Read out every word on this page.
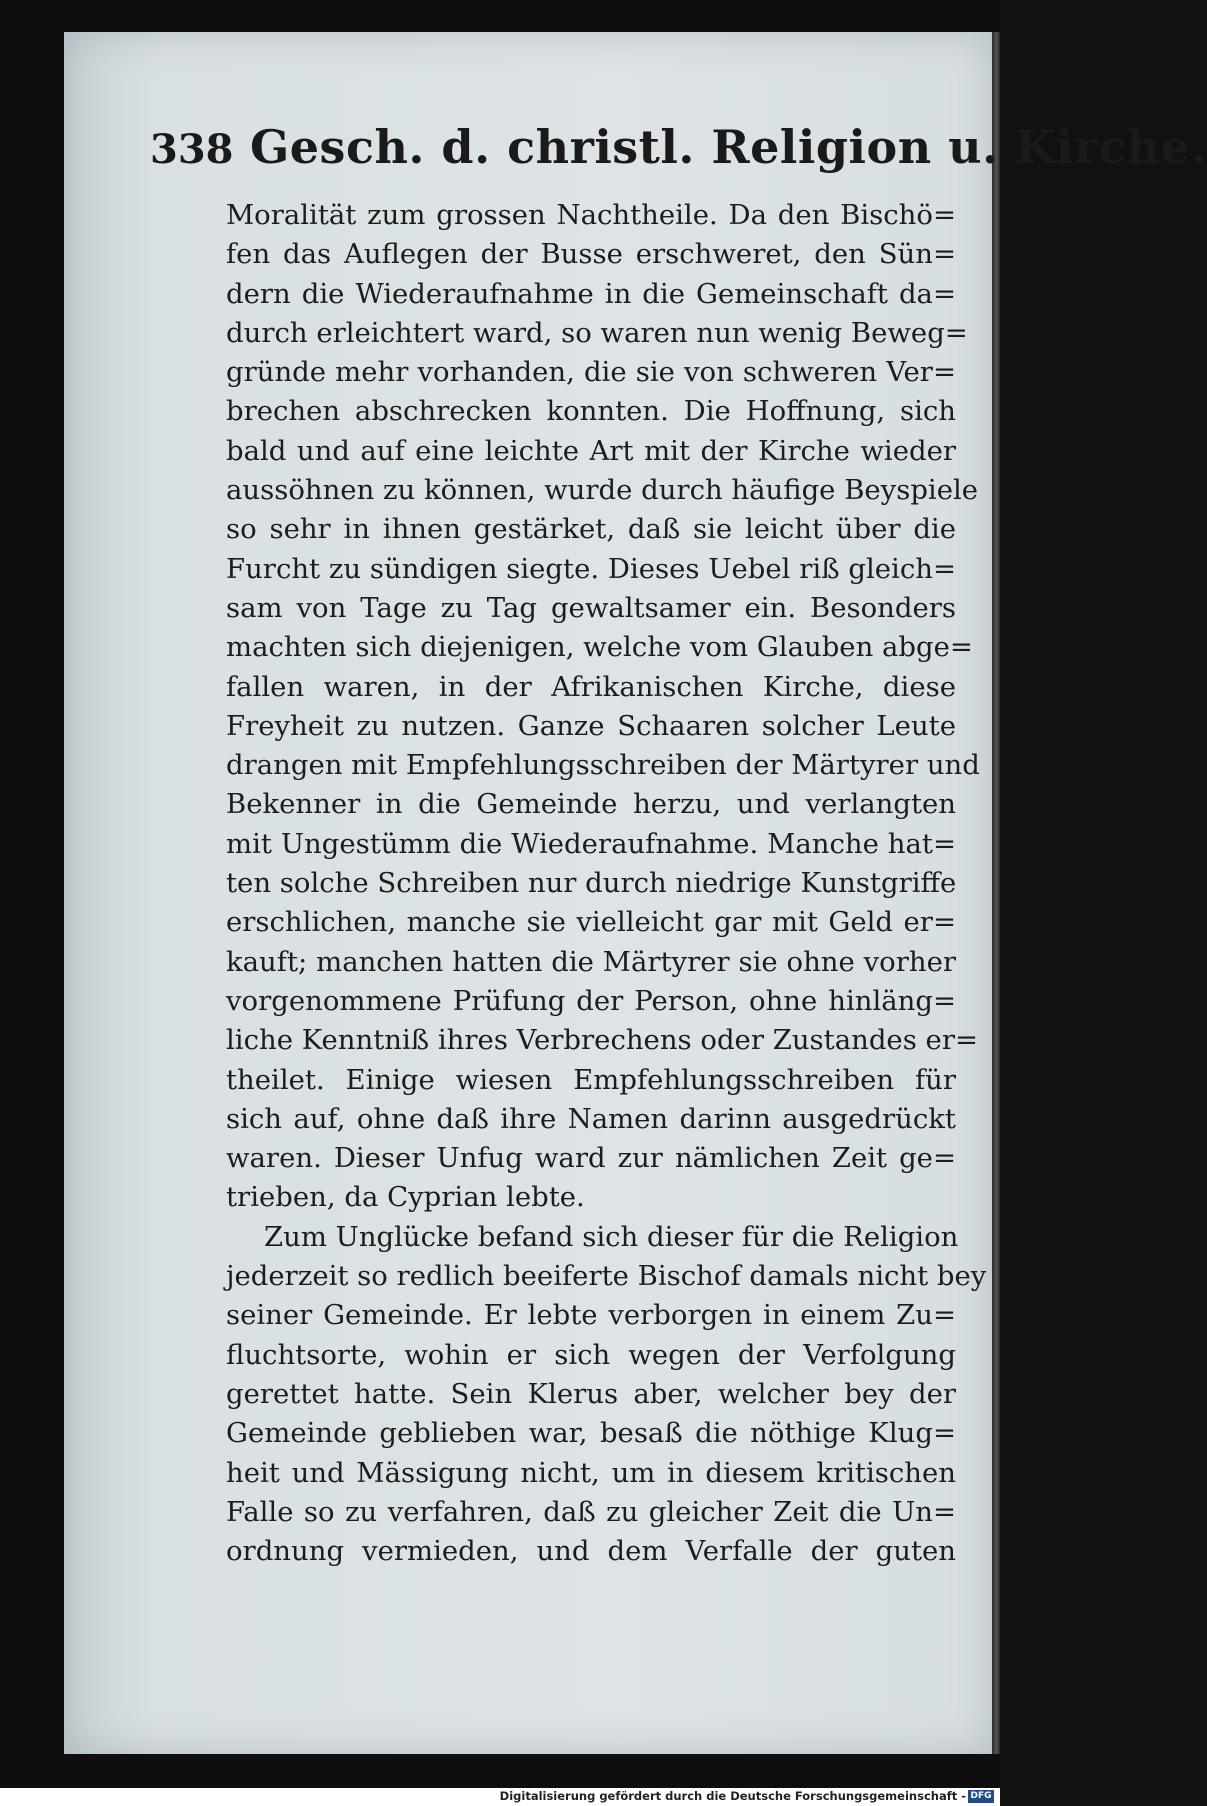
338 Gesch. d. christl. Religion u. Kirche.
Moralität zum grossen Nachtheile. Da den Bischö=
fen das Auflegen der Busse erschweret, den Sün=
dern die Wiederaufnahme in die Gemeinschaft da=
durch erleichtert ward, so waren nun wenig Beweg=
gründe mehr vorhanden, die sie von schweren Ver=
brechen abschrecken konnten. Die Hoffnung, sich
bald und auf eine leichte Art mit der Kirche wieder
aussöhnen zu können, wurde durch häufige Beyspiele
so sehr in ihnen gestärket, daß sie leicht über die
Furcht zu sündigen siegte. Dieses Uebel riß gleich=
sam von Tage zu Tag gewaltsamer ein. Besonders
machten sich diejenigen, welche vom Glauben abge=
fallen waren, in der Afrikanischen Kirche, diese
Freyheit zu nutzen. Ganze Schaaren solcher Leute
drangen mit Empfehlungsschreiben der Märtyrer und
Bekenner in die Gemeinde herzu, und verlangten
mit Ungestümm die Wiederaufnahme. Manche hat=
ten solche Schreiben nur durch niedrige Kunstgriffe
erschlichen, manche sie vielleicht gar mit Geld er=
kauft; manchen hatten die Märtyrer sie ohne vorher
vorgenommene Prüfung der Person, ohne hinläng=
liche Kenntniß ihres Verbrechens oder Zustandes er=
theilet. Einige wiesen Empfehlungsschreiben für
sich auf, ohne daß ihre Namen darinn ausgedrückt
waren. Dieser Unfug ward zur nämlichen Zeit ge=
trieben, da Cyprian lebte.
Zum Unglücke befand sich dieser für die Religion
jederzeit so redlich beeiferte Bischof damals nicht bey
seiner Gemeinde. Er lebte verborgen in einem Zu=
fluchtsorte, wohin er sich wegen der Verfolgung
gerettet hatte. Sein Klerus aber, welcher bey der
Gemeinde geblieben war, besaß die nöthige Klug=
heit und Mässigung nicht, um in diesem kritischen
Falle so zu verfahren, daß zu gleicher Zeit die Un=
ordnung vermieden, und dem Verfalle der guten
Digitalisierung gefördert durch die Deutsche Forschungsgemeinschaft - DFG
